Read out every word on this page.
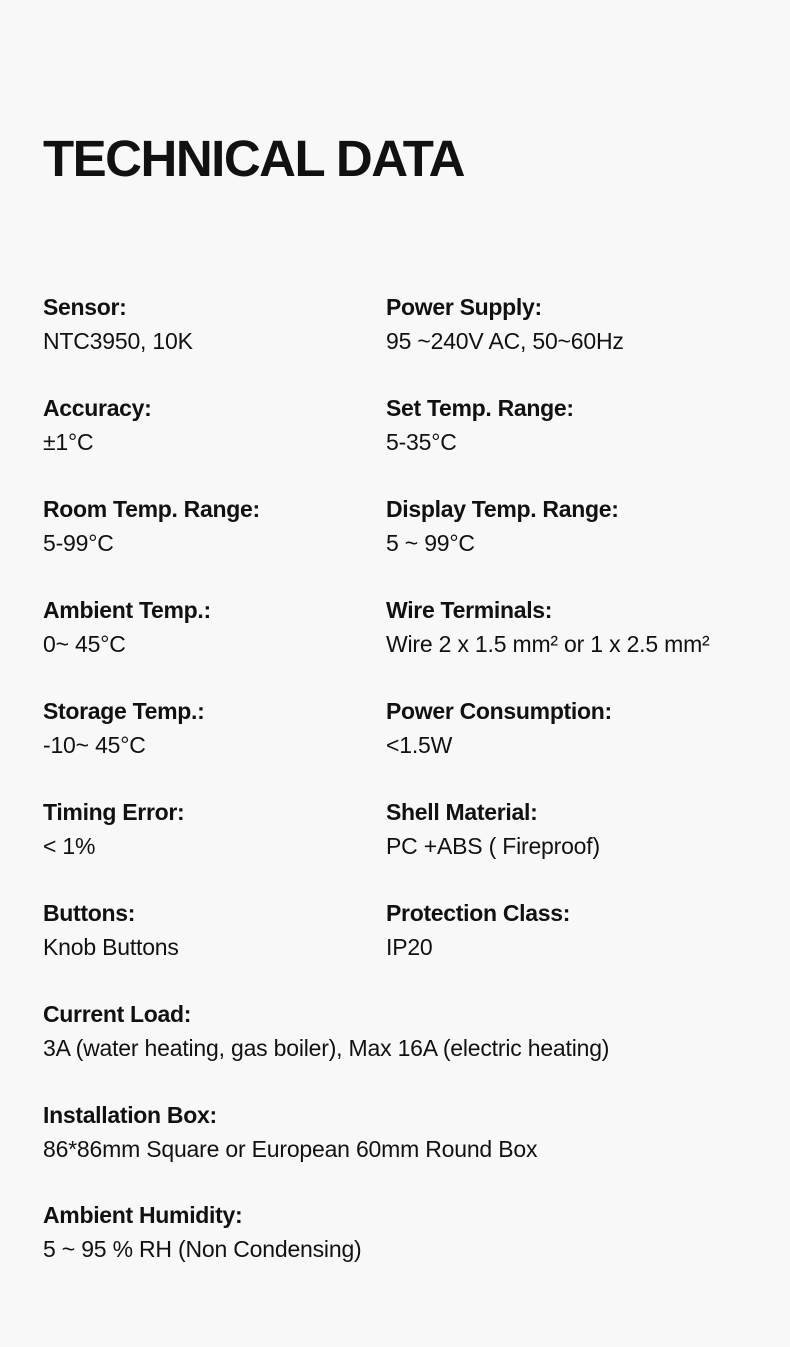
TECHNICAL DATA
Sensor:
NTC3950, 10K
Power Supply:
95 ~240V AC, 50~60Hz
Accuracy:
±1°C
Set Temp. Range:
5-35°C
Room Temp. Range:
5-99°C
Display Temp. Range:
5 ~ 99°C
Ambient Temp.:
0~ 45°C
Wire Terminals:
Wire 2 x 1.5 mm² or 1 x 2.5 mm²
Storage Temp.:
-10~ 45°C
Power Consumption:
<1.5W
Timing Error:
< 1%
Shell Material:
PC +ABS ( Fireproof)
Buttons:
Knob Buttons
Protection Class:
IP20
Current Load:
3A (water heating, gas boiler), Max 16A (electric heating)
Installation Box:
86*86mm Square or European 60mm Round Box
Ambient Humidity:
5 ~ 95 % RH (Non Condensing)
